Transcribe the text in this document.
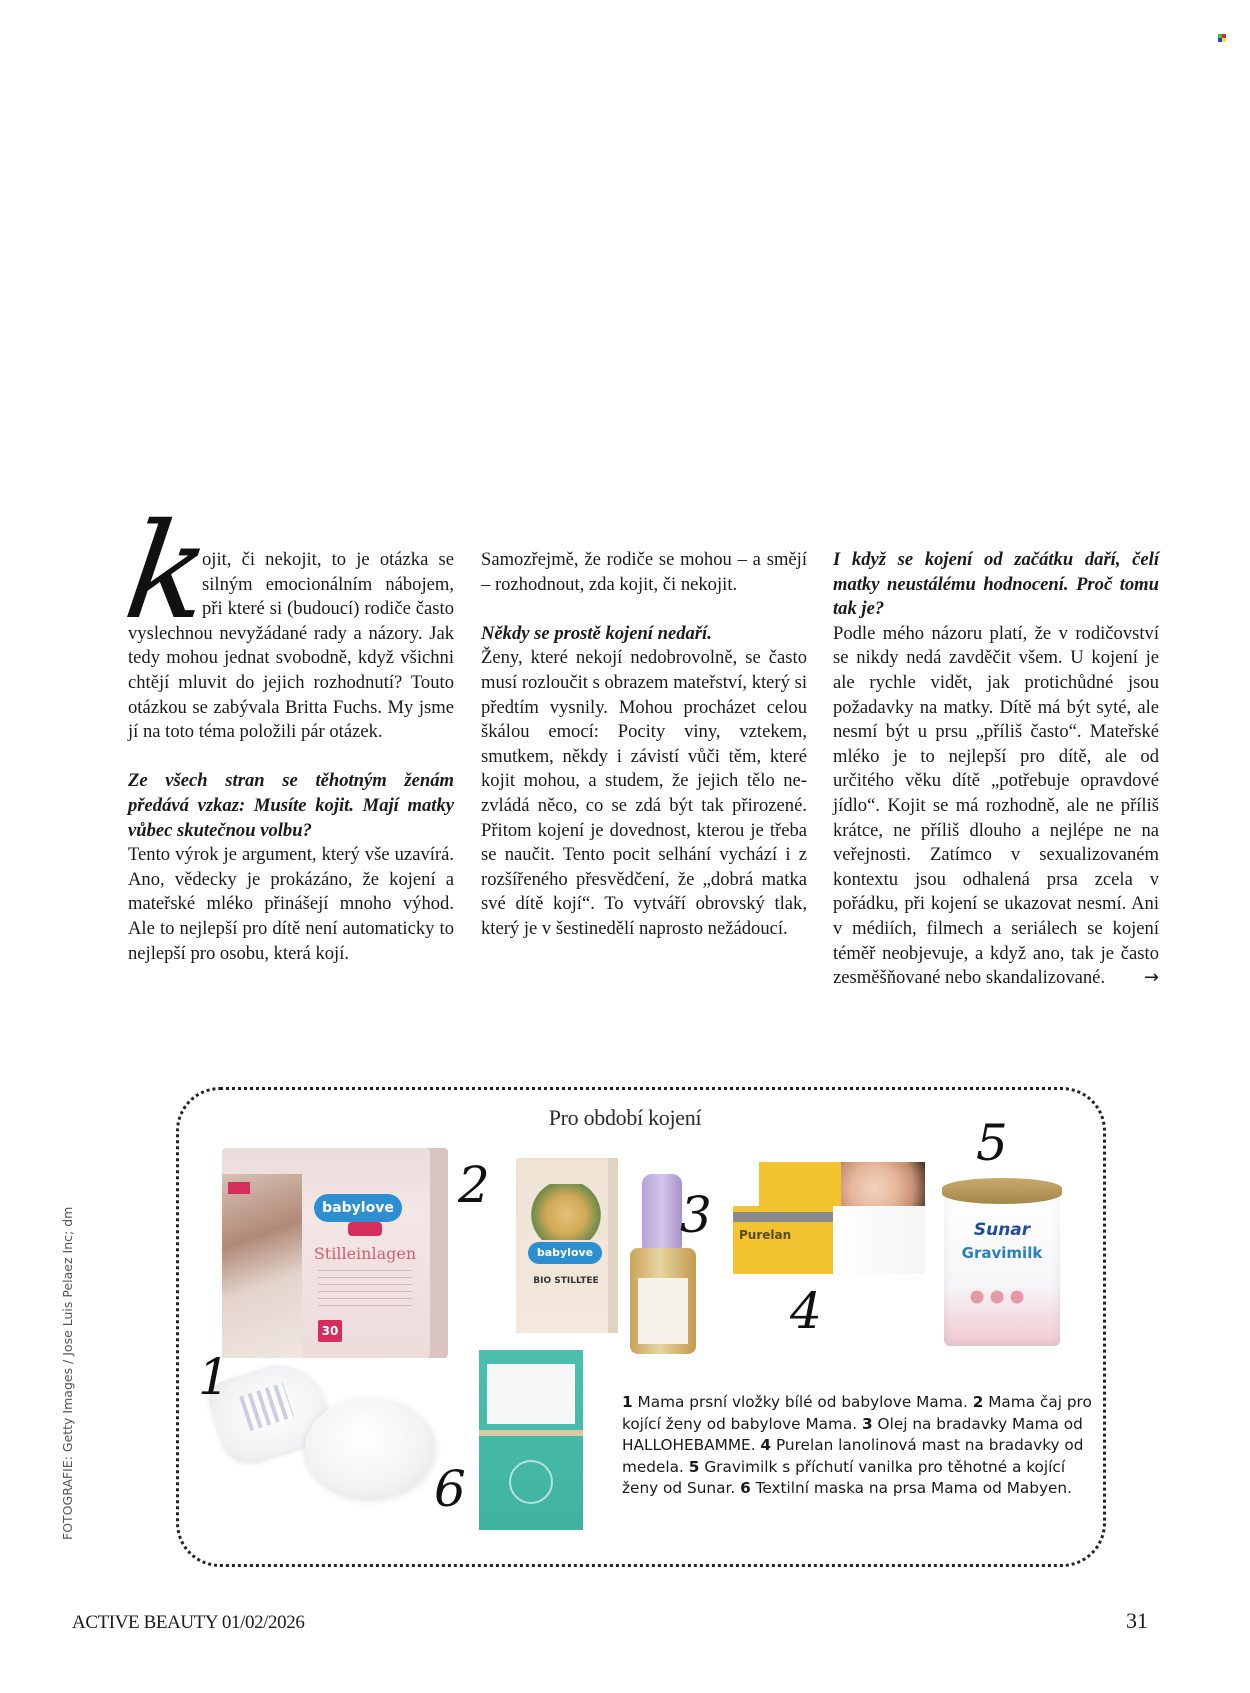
k

ojit, či nekojit, to je otázka se silným emocionálním nábojem, při které si (budoucí) rodiče často vyslechnou nevyžádané rady a názory. Jak tedy mohou jednat svobodně, když všichni chtějí mluvit do jejich rozhodnutí? Touto otázkou se zabývala Britta Fuchs. My jsme jí na toto téma položili pár otázek.

Ze všech stran se těhotným ženám předává vzkaz: Musíte kojit. Mají matky vůbec skutečnou volbu?

Tento výrok je argument, který vše uzavírá. Ano, vědecky je prokázáno, že kojení a mateřské mléko přinášejí mnoho výhod. Ale to nejlepší pro dítě není automaticky to nejlepší pro osobu, která kojí.

Samozřejmě, že rodiče se mohou – a smějí – rozhodnout, zda kojit, či nekojit.

Někdy se prostě kojení nedaří.

Ženy, které nekojí nedobrovolně, se často musí rozloučit s obrazem mateřství, který si předtím vysnily. Mohou procházet celou škálou emocí: Pocity viny, vztekem, smutkem, někdy i závistí vůči těm, které kojit mohou, a studem, že jejich tělo nezvládá něco, co se zdá být tak přirozené. Přitom kojení je dovednost, kterou je třeba se naučit. Tento pocit selhání vychází i z rozšířeného přesvědčení, že „dobrá matka své dítě kojí“. To vytváří obrovský tlak, který je v šestinedělí naprosto nežádoucí.

I když se kojení od začátku daří, čelí matky neustálému hodnocení. Proč tomu tak je?

Podle mého názoru platí, že v rodičovství se nikdy nedá zavděčit všem. U kojení je ale rychle vidět, jak protichůdné jsou požadavky na matky. Dítě má být syté, ale nesmí být u prsu „příliš často“. Mateřské mléko je to nejlepší pro dítě, ale od určitého věku dítě „potřebuje opravdové jídlo“. Kojit se má rozhodně, ale ne příliš krátce, ne příliš dlouho a nejlépe ne na veřejnosti. Zatímco v sexualizovaném kontextu jsou odhalená prsa zcela v pořádku, při kojení se ukazovat nesmí. Ani v médiích, filmech a seriálech se kojení téměř neobjevuje, a když ano, tak je často zesměšňované nebo skandalizované. →

Pro období kojení
babylove
Stilleinlagen
30
babylove
BIO STILLTEE
Purelan	Sunar
Gravimilk
1
2
3
4
5
6
1 Mama prsní vložky bílé od babylove Mama. 2 Mama čaj pro kojící ženy od babylove Mama. 3 Olej na bradavky Mama od HALLOHEBAMME. 4 Purelan lanolinová mast na bradavky od medela. 5 Gravimilk s příchutí vanilka pro těhotné a kojící ženy od Sunar. 6 Textilní maska na prsa Mama od Mabyen.
FOTOGRAFIE: Getty Images / Jose Luis Pelaez Inc; dm
ACTIVE BEAUTY 01/02/2026	31
